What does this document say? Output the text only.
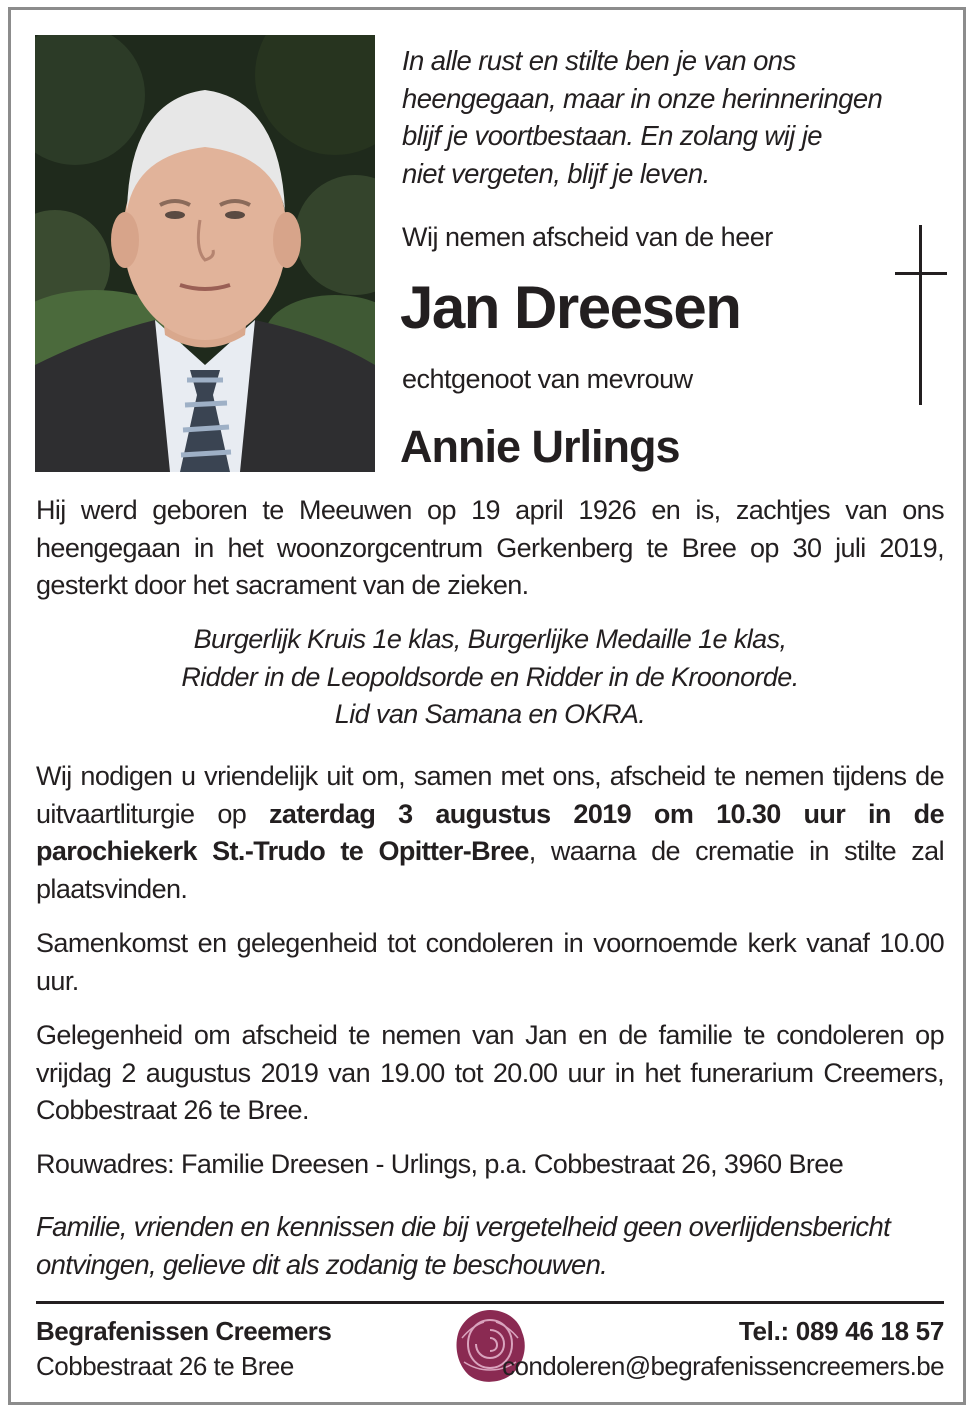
In alle rust en stilte ben je van ons
heengegaan, maar in onze herinneringen
blijf je voortbestaan. En zolang wij je
niet vergeten, blijf je leven.
Wij nemen afscheid van de heer
Jan Dreesen
echtgenoot van mevrouw
Annie Urlings

Hij werd geboren te Meeuwen op 19 april 1926 en is, zachtjes van ons heengegaan in het woonzorgcentrum Gerkenberg te Bree op 30 juli 2019, gesterkt door het sacrament van de zieken.

Burgerlijk Kruis 1e klas, Burgerlijke Medaille 1e klas,
Ridder in de Leopoldsorde en Ridder in de Kroonorde.
Lid van Samana en OKRA.

Wij nodigen u vriendelijk uit om, samen met ons, afscheid te nemen tijdens de uitvaartliturgie op zaterdag 3 augustus 2019 om 10.30 uur in de parochiekerk St.-Trudo te Opitter-Bree, waarna de crematie in stilte zal plaatsvinden.

Samenkomst en gelegenheid tot condoleren in voornoemde kerk vanaf 10.00 uur.

Gelegenheid om afscheid te nemen van Jan en de familie te condoleren op vrijdag 2 augustus 2019 van 19.00 tot 20.00 uur in het funerarium Creemers, Cobbestraat 26 te Bree.

Rouwadres: Familie Dreesen - Urlings, p.a. Cobbestraat 26, 3960 Bree

Familie, vrienden en kennissen die bij vergetelheid geen overlijdensbericht
ontvingen, gelieve dit als zodanig te beschouwen.
Begrafenissen Creemers
Cobbestraat 26 te Bree
Tel.: 089 46 18 57
condoleren@begrafenissencreemers.be
